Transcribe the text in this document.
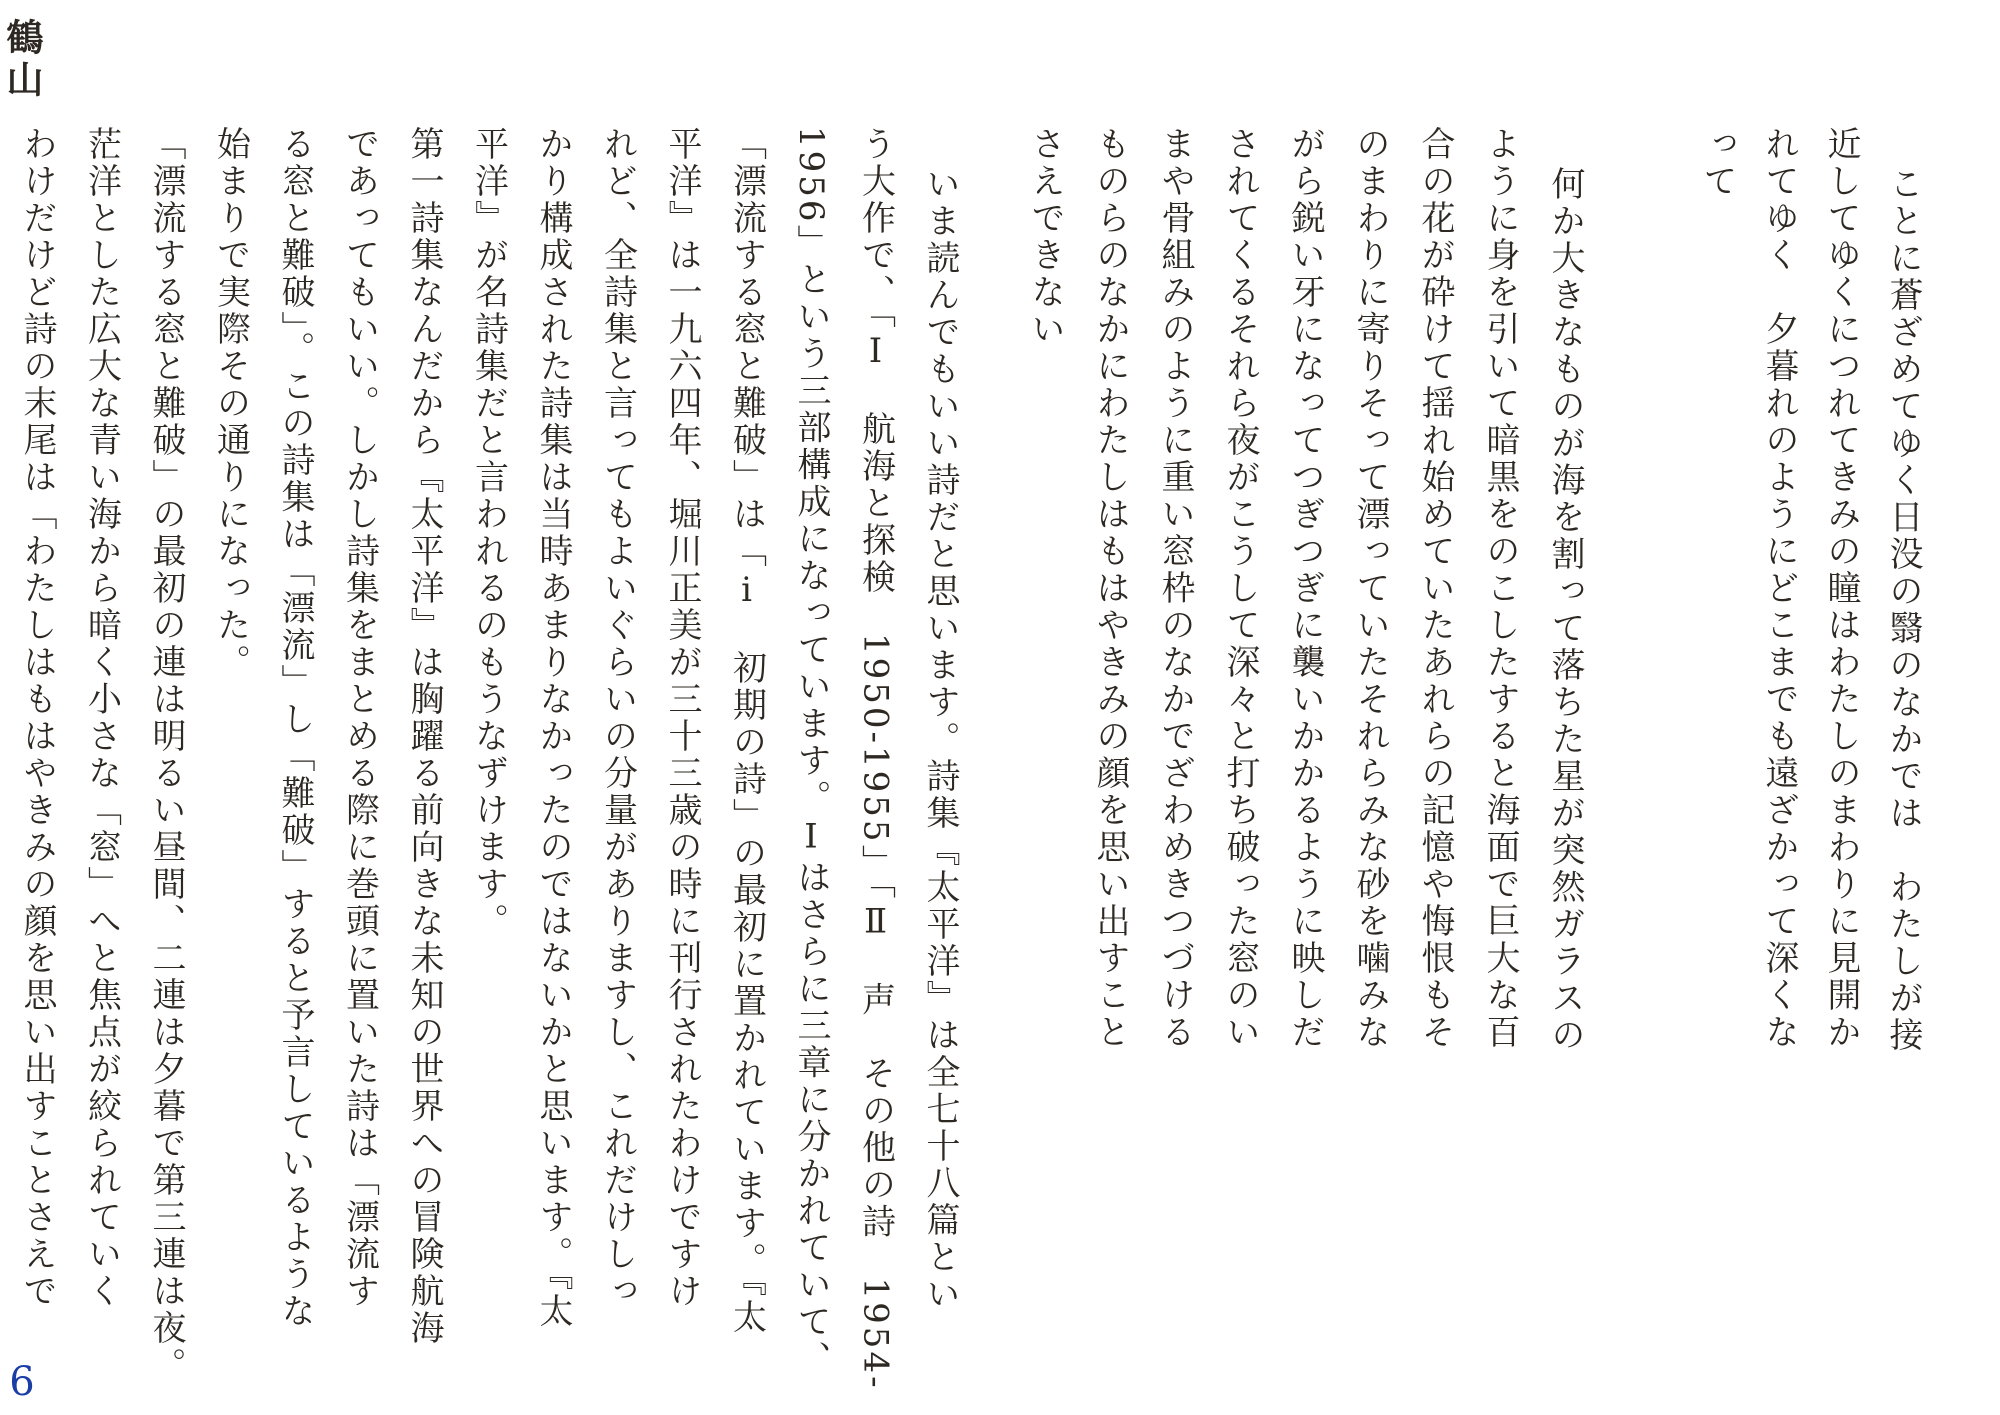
鶴山
ことに蒼ざめてゆく日没の翳のなかでは　わたしが接
近してゆくにつれてきみの瞳はわたしのまわりに見開か
れてゆく　夕暮れのようにどこまでも遠ざかって深くな
って
何か大きなものが海を割って落ちた星が突然ガラスの
ように身を引いて暗黒をのこしたすると海面で巨大な百
合の花が砕けて揺れ始めていたあれらの記憶や悔恨もそ
のまわりに寄りそって漂っていたそれらみな砂を噛みな
がら鋭い牙になってつぎつぎに襲いかかるように映しだ
されてくるそれら夜がこうして深々と打ち破った窓のい
まや骨組みのように重い窓枠のなかでざわめきつづける
ものらのなかにわたしはもはやきみの顔を思い出すこと
さえできない
いま読んでもいい詩だと思います。詩集『太平洋』は全七十八篇とい
う大作で、「Ⅰ　航海と探検　1950-1955」「Ⅱ　声　その他の詩　1954-
1956」という三部構成になっています。Ⅰはさらに三章に分かれていて、
「漂流する窓と難破」は「ⅰ　初期の詩」の最初に置かれています。『太
平洋』は一九六四年、堀川正美が三十三歳の時に刊行されたわけですけ
れど、全詩集と言ってもよいぐらいの分量がありますし、これだけしっ
かり構成された詩集は当時あまりなかったのではないかと思います。『太
平洋』が名詩集だと言われるのもうなずけます。
第一詩集なんだから『太平洋』は胸躍る前向きな未知の世界への冒険航海
であってもいい。しかし詩集をまとめる際に巻頭に置いた詩は「漂流す
る窓と難破」。この詩集は「漂流」し「難破」すると予言しているような
始まりで実際その通りになった。
「漂流する窓と難破」の最初の連は明るい昼間、二連は夕暮で第三連は夜。
茫洋とした広大な青い海から暗く小さな「窓」へと焦点が絞られていく
わけだけど詩の末尾は「わたしはもはやきみの顔を思い出すことさえで
6
